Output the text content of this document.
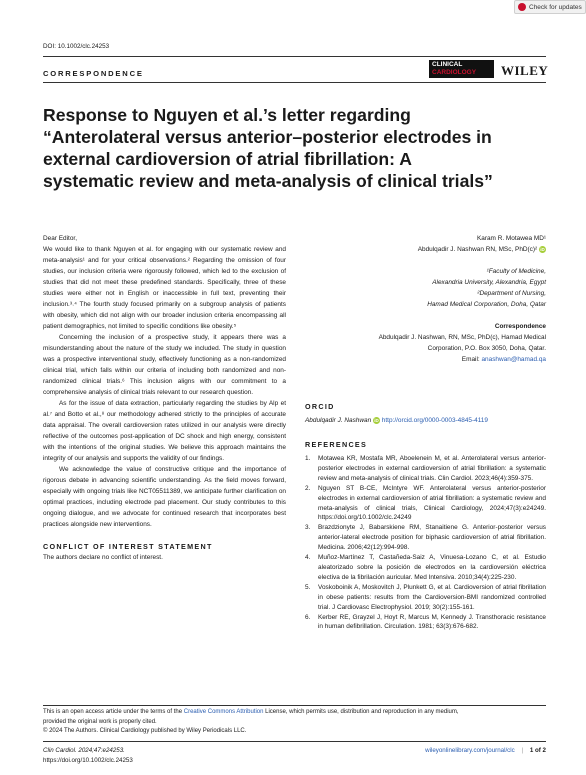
Check for updates
DOI: 10.1002/clc.24253
CORRESPONDENCE
CLINICAL
CARDIOLOGY	WILEY
Response to Nguyen et al.’s letter regarding “Anterolateral versus anterior–posterior electrodes in external cardioversion of atrial fibrillation: A systematic review and meta-analysis of clinical trials”

Dear Editor,

We would like to thank Nguyen et al. for engaging with our systematic review and meta-analysis¹ and for your critical observations.² Regarding the omission of four studies, our inclusion criteria were rigorously followed, which led to the exclusion of studies that did not meet these predefined standards. Specifically, three of these studies were either not in English or inaccessible in full text, preventing their inclusion.³˒⁴ The fourth study focused primarily on a subgroup analysis of patients with obesity, which did not align with our broader inclusion criteria encompassing all patient demographics, not limited to specific conditions like obesity.⁵

Concerning the inclusion of a prospective study, it appears there was a misunderstanding about the nature of the study we included. The study in question was a prospective interventional study, effectively functioning as a non-randomized clinical trial, which falls within our criteria of including both randomized and non-randomized clinical trials.⁶ This inclusion aligns with our commitment to a comprehensive analysis of clinical trials relevant to our research question.

As for the issue of data extraction, particularly regarding the studies by Alp et al.⁷ and Botto et al.,⁸ our methodology adhered strictly to the principles of accurate data appraisal. The overall cardioversion rates utilized in our analysis were directly reflective of the outcomes post-application of DC shock and high energy, consistent with the intentions of the original studies. We believe this approach maintains the integrity of our analysis and supports the validity of our findings.

We acknowledge the value of constructive critique and the importance of rigorous debate in advancing scientific understanding. As the field moves forward, especially with ongoing trials like NCT05511389, we anticipate further clarification on optimal practices, including electrode pad placement. Our study contributes to this ongoing dialogue, and we advocate for continued research that incorporates best practices alongside new interventions.

CONFLICT OF INTEREST STATEMENT

The authors declare no conflict of interest.

Karam R. Motawea MD¹

Abdulqadir J. Nashwan RN, MSc, PhD(c)² iD

¹Faculty of Medicine,

Alexandria University, Alexandria, Egypt

²Department of Nursing,

Hamad Medical Corporation, Doha, Qatar

Correspondence

Abdulqadir J. Nashwan, RN, MSc, PhD(c), Hamad Medical

Corporation, P.O. Box 3050, Doha, Qatar.

Email: anashwan@hamad.qa

ORCID
Abdulqadir J. Nashwan iD http://orcid.org/0000-0003-4845-4119
REFERENCES
1.	Motawea KR, Mostafa MR, Aboelenein M, et al. Anterolateral versus anterior-posterior electrodes in external cardioversion of atrial fibrillation: a systematic review and meta-analysis of clinical trials. Clin Cardiol. 2023;46(4):359-375.
2.	Nguyen ST B-CE, McIntyre WF. Anterolateral versus anterior-posterior electrodes in external cardioversion of atrial fibrillation: a systematic review and meta-analysis of clinical trials, Clinical Cardiology, 2024;47(3):e24249. https://doi.org/10.1002/clc.24249
3.	Brazdzionyte J, Babarskiene RM, Stanaitiene G. Anterior-posterior versus anterior-lateral electrode position for biphasic cardioversion of atrial fibrillation. Medicina. 2006;42(12):994-998.
4.	Muñoz-Martínez T, Castañeda-Saiz A, Vinuesa-Lozano C, et al. Estudio aleatorizado sobre la posición de electrodos en la cardioversión eléctrica electiva de la fibrilación auricular. Med Intensiva. 2010;34(4):225-230.
5.	Voskoboinik A, Moskovitch J, Plunkett G, et al. Cardioversion of atrial fibrillation in obese patients: results from the Cardioversion-BMI randomized controlled trial. J Cardiovasc Electrophysiol. 2019; 30(2):155-161.
6.	Kerber RE, Grayzel J, Hoyt R, Marcus M, Kennedy J. Transthoracic resistance in human defibrillation. Circulation. 1981; 63(3):676-682.
This is an open access article under the terms of the Creative Commons Attribution License, which permits use, distribution and reproduction in any medium,
provided the original work is properly cited.
© 2024 The Authors. Clinical Cardiology published by Wiley Periodicals LLC.
Clin Cardiol. 2024;47:e24253.
https://doi.org/10.1002/clc.24253
wileyonlinelibrary.com/journal/clc | 1 of 2
